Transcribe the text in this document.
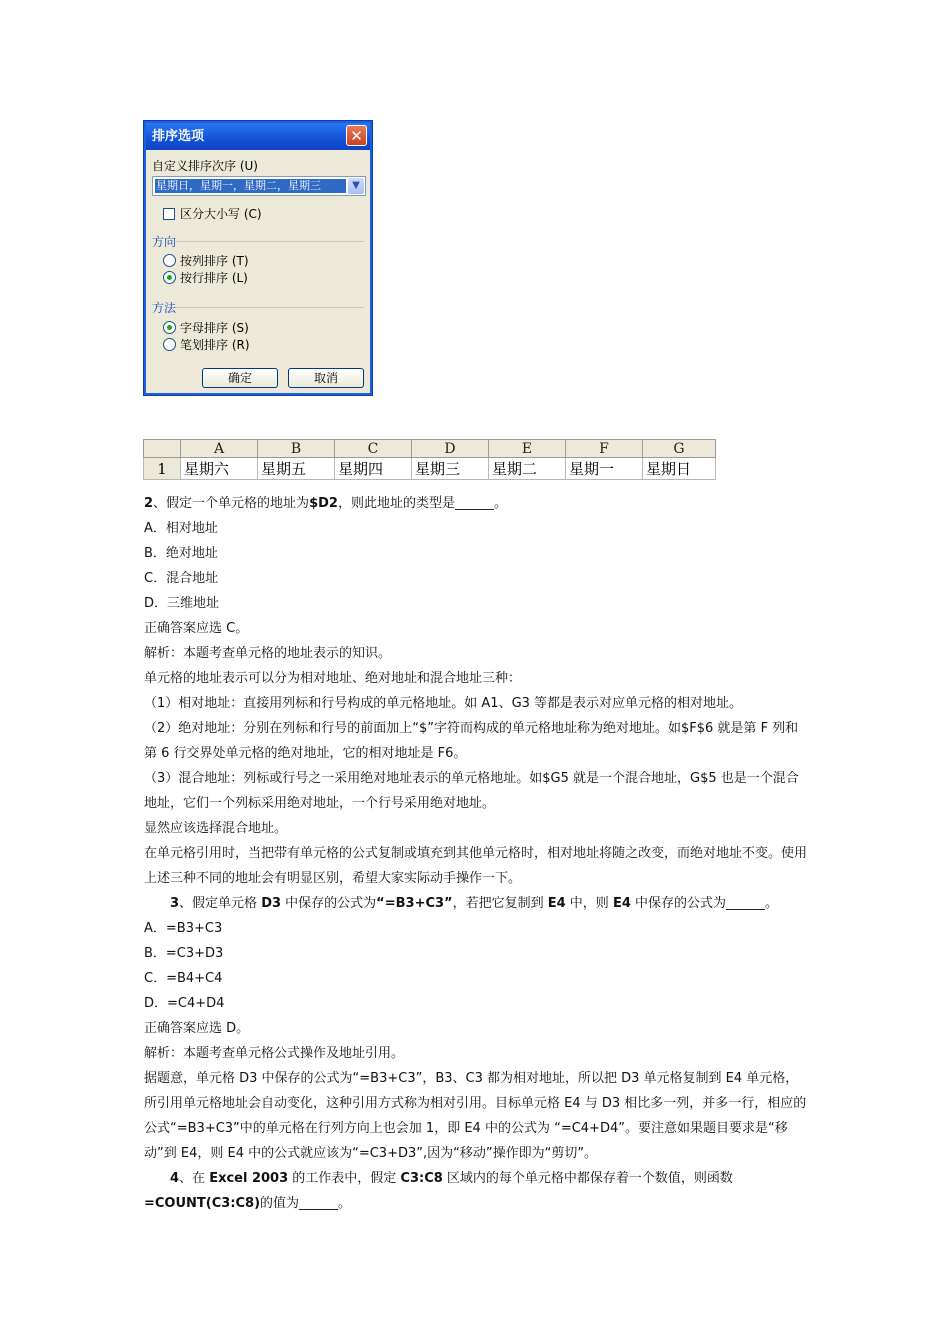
排序选项	✕
自定义排序次序 (U)
星期日，星期一，星期二，星期三	▼
区分大小写 (C)
方向
按列排序 (T)
按行排序 (L)
方法
字母排序 (S)
笔划排序 (R)
确定	取消
	A	B	C	D	E	F	G
1	星期六	星期五	星期四	星期三	星期二	星期一	星期日

2、假定一个单元格的地址为$D2，则此地址的类型是______。

A．相对地址

B．绝对地址

C．混合地址

D．三维地址

正确答案应选 C。

解析：本题考查单元格的地址表示的知识。

单元格的地址表示可以分为相对地址、绝对地址和混合地址三种：

（1）相对地址：直接用列标和行号构成的单元格地址。如 A1、G3 等都是表示对应单元格的相对地址。

（2）绝对地址：分别在列标和行号的前面加上“$”字符而构成的单元格地址称为绝对地址。如$F$6 就是第 F 列和第 6 行交界处单元格的绝对地址，它的相对地址是 F6。

（3）混合地址：列标或行号之一采用绝对地址表示的单元格地址。如$G5 就是一个混合地址，G$5 也是一个混合地址，它们一个列标采用绝对地址，一个行号采用绝对地址。

显然应该选择混合地址。

在单元格引用时，当把带有单元格的公式复制或填充到其他单元格时，相对地址将随之改变，而绝对地址不变。使用上述三种不同的地址会有明显区别，希望大家实际动手操作一下。

3、假定单元格 D3 中保存的公式为“=B3+C3”，若把它复制到 E4 中，则 E4 中保存的公式为______。

A．=B3+C3

B．=C3+D3

C．=B4+C4

D．=C4+D4

正确答案应选 D。

解析：本题考查单元格公式操作及地址引用。

据题意，单元格 D3 中保存的公式为“=B3+C3”，B3、C3 都为相对地址，所以把 D3 单元格复制到 E4 单元格，所引用单元格地址会自动变化，这种引用方式称为相对引用。目标单元格 E4 与 D3 相比多一列，并多一行，相应的公式“=B3+C3”中的单元格在行列方向上也会加 1，即 E4 中的公式为 “=C4+D4”。要注意如果题目要求是“移动”到 E4，则 E4 中的公式就应该为“=C3+D3”,因为“移动”操作即为“剪切”。

4、在 Excel 2003 的工作表中，假定 C3:C8 区域内的每个单元格中都保存着一个数值，则函数=COUNT(C3:C8)的值为______。
